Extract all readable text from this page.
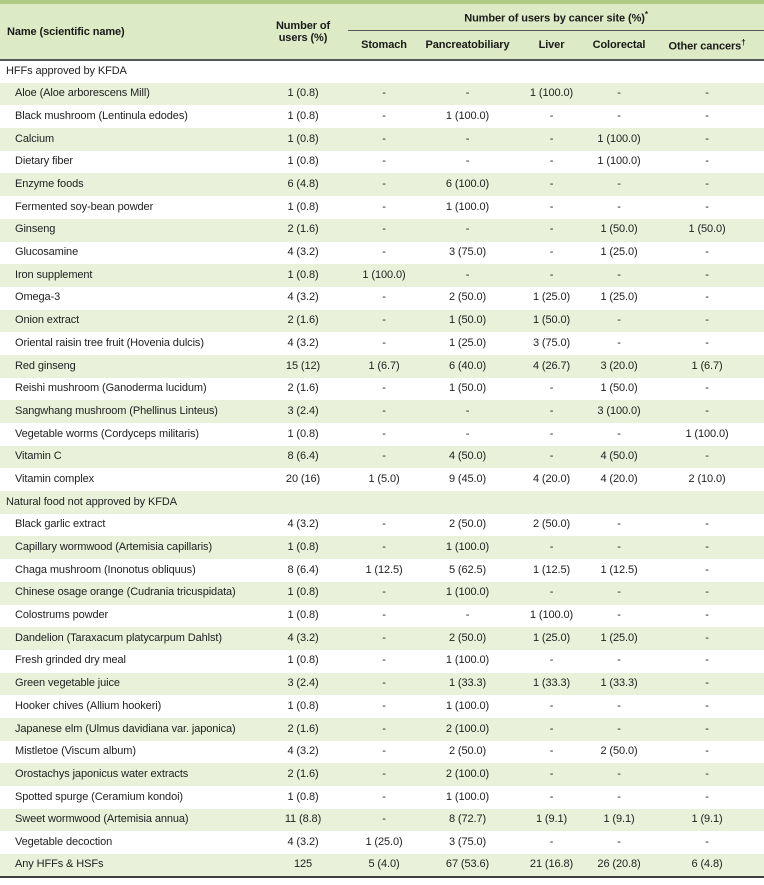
Name (scientific name)	Number of users (%)	Number of users by cancer site (%)*
		Stomach	Pancreatobiliary	Liver	Colorectal	Other cancers†
HFFs approved by KFDA						
Aloe (Aloe arborescens Mill)	1 (0.8)	-	-	1 (100.0)	-	-
Black mushroom (Lentinula edodes)	1 (0.8)	-	1 (100.0)	-	-	-
Calcium	1 (0.8)	-	-	-	1 (100.0)	-
Dietary fiber	1 (0.8)	-	-	-	1 (100.0)	-
Enzyme foods	6 (4.8)	-	6 (100.0)	-	-	-
Fermented soy-bean powder	1 (0.8)	-	1 (100.0)	-	-	-
Ginseng	2 (1.6)	-	-	-	1 (50.0)	1 (50.0)
Glucosamine	4 (3.2)	-	3 (75.0)	-	1 (25.0)	-
Iron supplement	1 (0.8)	1 (100.0)	-	-	-	-
Omega-3	4 (3.2)	-	2 (50.0)	1 (25.0)	1 (25.0)	-
Onion extract	2 (1.6)	-	1 (50.0)	1 (50.0)	-	-
Oriental raisin tree fruit (Hovenia dulcis)	4 (3.2)	-	1 (25.0)	3 (75.0)	-	-
Red ginseng	15 (12)	1 (6.7)	6 (40.0)	4 (26.7)	3 (20.0)	1 (6.7)
Reishi mushroom (Ganoderma lucidum)	2 (1.6)	-	1 (50.0)	-	1 (50.0)	-
Sangwhang mushroom (Phellinus Linteus)	3 (2.4)	-	-	-	3 (100.0)	-
Vegetable worms (Cordyceps militaris)	1 (0.8)	-	-	-	-	1 (100.0)
Vitamin C	8 (6.4)	-	4 (50.0)	-	4 (50.0)	-
Vitamin complex	20 (16)	1 (5.0)	9 (45.0)	4 (20.0)	4 (20.0)	2 (10.0)
Natural food not approved by KFDA						
Black garlic extract	4 (3.2)	-	2 (50.0)	2 (50.0)	-	-
Capillary wormwood (Artemisia capillaris)	1 (0.8)	-	1 (100.0)	-	-	-
Chaga mushroom (Inonotus obliquus)	8 (6.4)	1 (12.5)	5 (62.5)	1 (12.5)	1 (12.5)	-
Chinese osage orange (Cudrania tricuspidata)	1 (0.8)	-	1 (100.0)	-	-	-
Colostrums powder	1 (0.8)	-	-	1 (100.0)	-	-
Dandelion (Taraxacum platycarpum Dahlst)	4 (3.2)	-	2 (50.0)	1 (25.0)	1 (25.0)	-
Fresh grinded dry meal	1 (0.8)	-	1 (100.0)	-	-	-
Green vegetable juice	3 (2.4)	-	1 (33.3)	1 (33.3)	1 (33.3)	-
Hooker chives (Allium hookeri)	1 (0.8)	-	1 (100.0)	-	-	-
Japanese elm (Ulmus davidiana var. japonica)	2 (1.6)	-	2 (100.0)	-	-	-
Mistletoe (Viscum album)	4 (3.2)	-	2 (50.0)	-	2 (50.0)	-
Orostachys japonicus water extracts	2 (1.6)	-	2 (100.0)	-	-	-
Spotted spurge (Ceramium kondoi)	1 (0.8)	-	1 (100.0)	-	-	-
Sweet wormwood (Artemisia annua)	11 (8.8)	-	8 (72.7)	1 (9.1)	1 (9.1)	1 (9.1)
Vegetable decoction	4 (3.2)	1 (25.0)	3 (75.0)	-	-	-
Any HFFs & HSFs	125	5 (4.0)	67 (53.6)	21 (16.8)	26 (20.8)	6 (4.8)
